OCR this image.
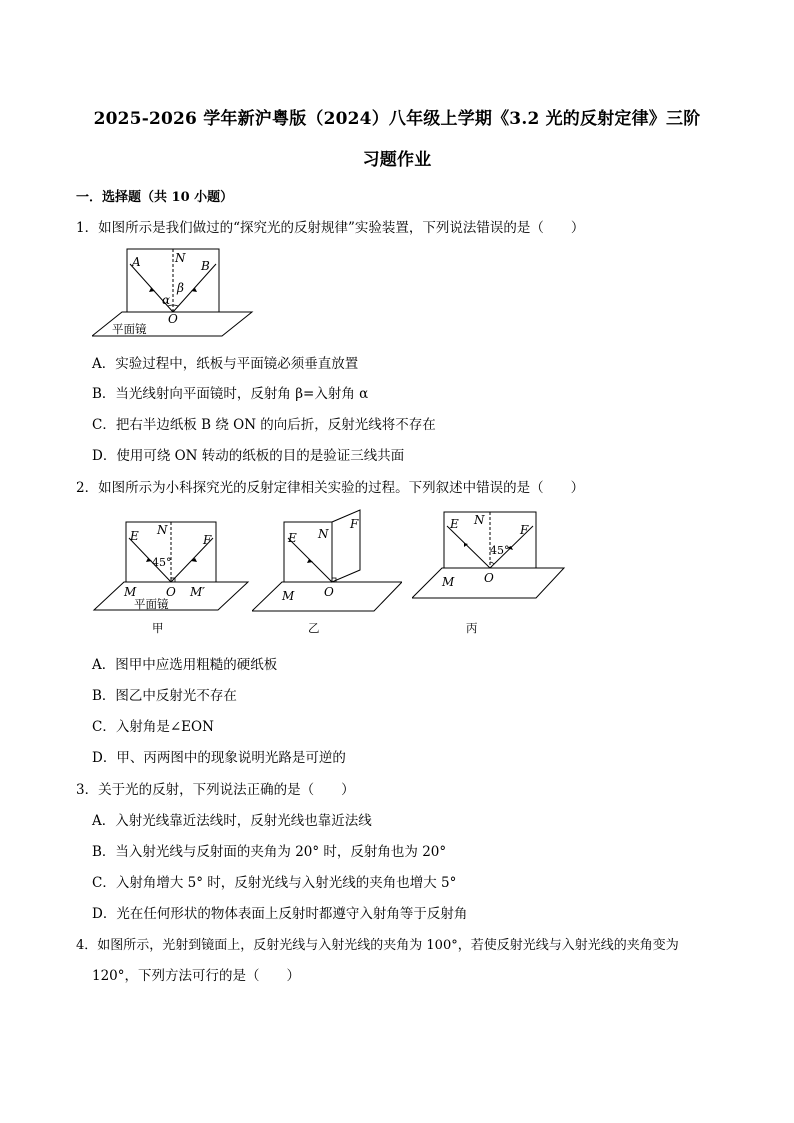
2025-2026 学年新沪粤版（2024）八年级上学期《3.2 光的反射定律》三阶
习题作业
一．选择题（共 10 小题）
1．如图所示是我们做过的“探究光的反射规律”实验装置，下列说法错误的是（　　）
A	N
B
α
β
O
平面镜
A．实验过程中，纸板与平面镜必须垂直放置
B．当光线射向平面镜时，反射角 β=入射角 α
C．把右半边纸板 B 绕 ON 的向后折，反射光线将不存在
D．使用可绕 ON 转动的纸板的目的是验证三线共面
2．如图所示为小科探究光的反射定律相关实验的过程。下列叙述中错误的是（　　）
E N
F
45°
M O M′
平面镜
甲
E N
F
M O
乙
E N
F
45°
M O
丙
A．图甲中应选用粗糙的硬纸板
B．图乙中反射光不存在
C．入射角是∠EON
D．甲、丙两图中的现象说明光路是可逆的
3．关于光的反射，下列说法正确的是（　　）
A．入射光线靠近法线时，反射光线也靠近法线
B．当入射光线与反射面的夹角为 20° 时，反射角也为 20°
C．入射角增大 5° 时，反射光线与入射光线的夹角也增大 5°
D．光在任何形状的物体表面上反射时都遵守入射角等于反射角
4．如图所示，光射到镜面上，反射光线与入射光线的夹角为 100°，若使反射光线与入射光线的夹角变为
120°，下列方法可行的是（　　）
